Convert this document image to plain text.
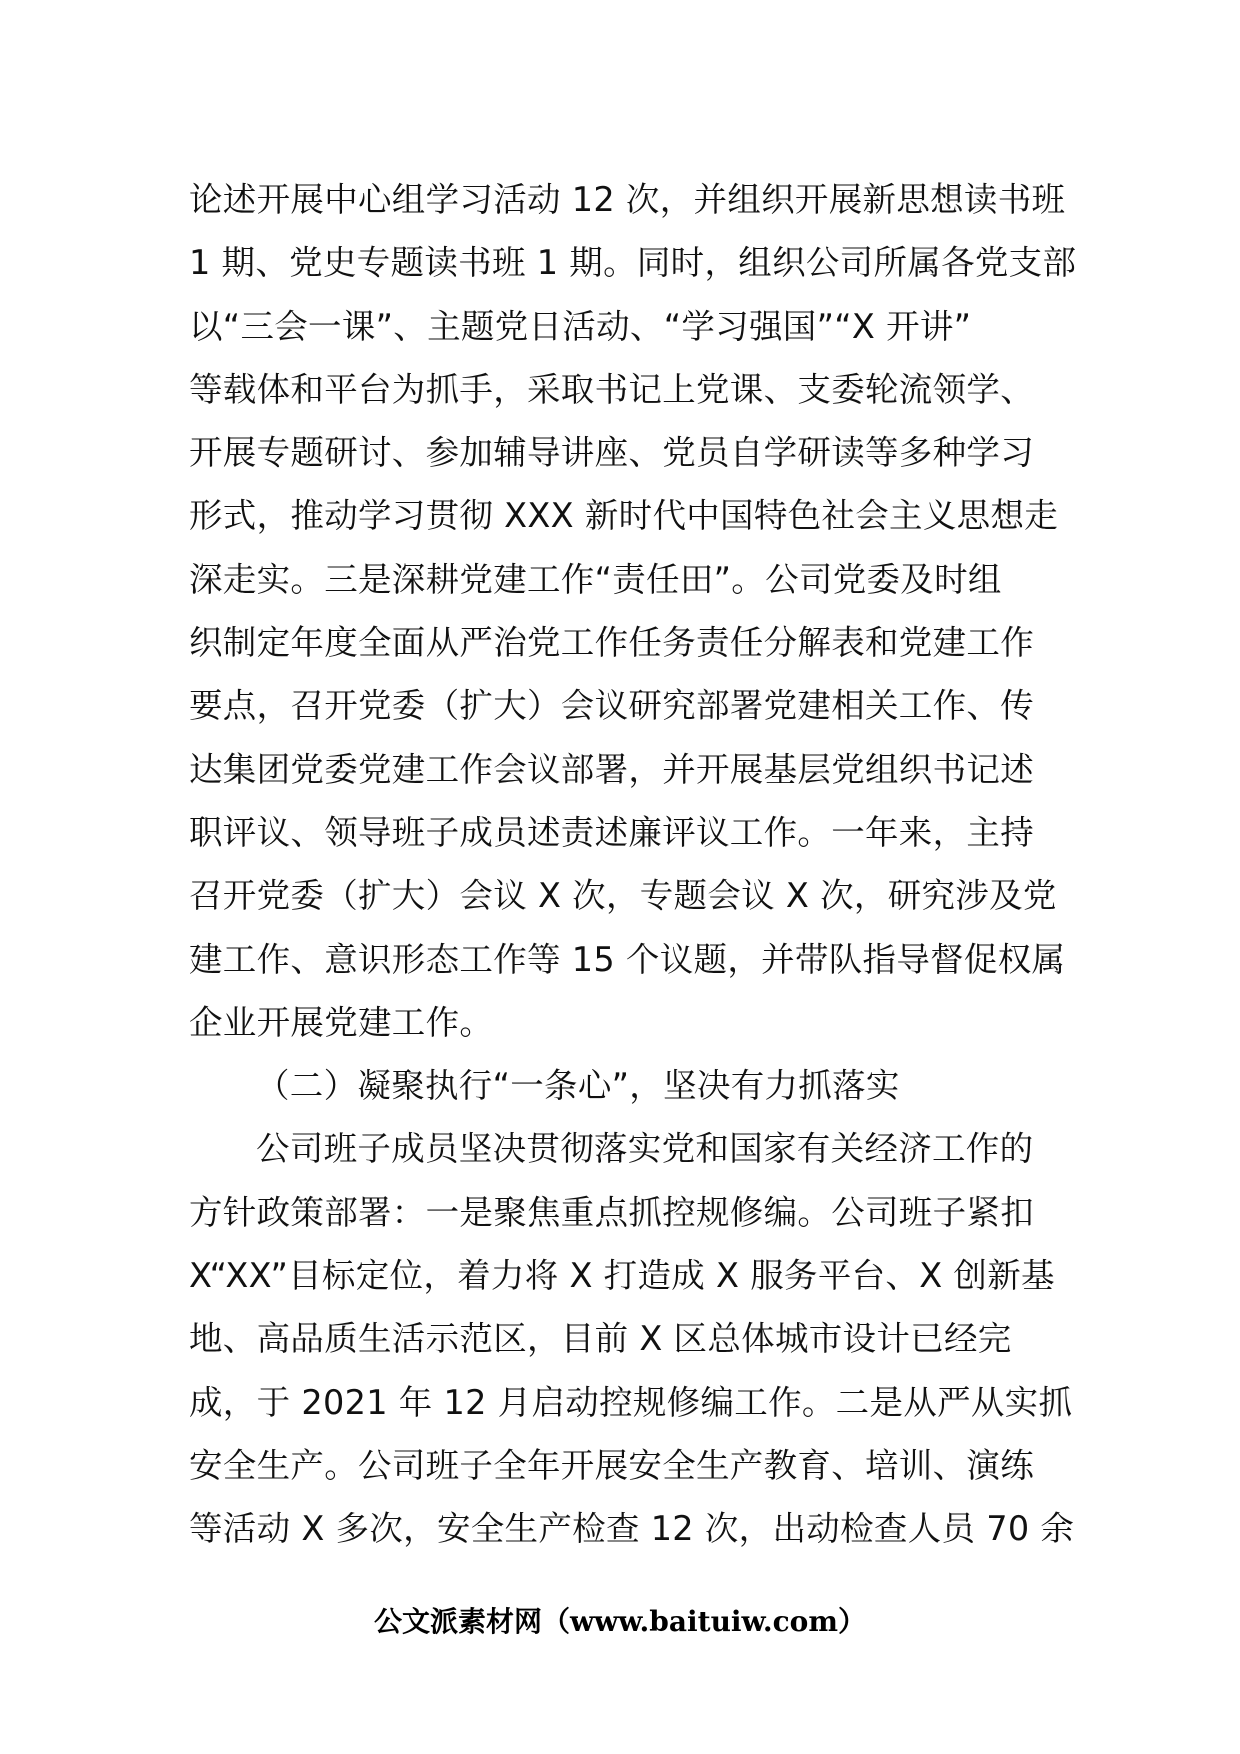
论述开展中心组学习活动 12 次，并组织开展新思想读书班
1 期、党史专题读书班 1 期。同时，组织公司所属各党支部
以“三会一课”、主题党日活动、“学习强国”“X 开讲”
等载体和平台为抓手，采取书记上党课、支委轮流领学、
开展专题研讨、参加辅导讲座、党员自学研读等多种学习
形式，推动学习贯彻 XXX 新时代中国特色社会主义思想走
深走实。三是深耕党建工作“责任田”。公司党委及时组
织制定年度全面从严治党工作任务责任分解表和党建工作
要点，召开党委（扩大）会议研究部署党建相关工作、传
达集团党委党建工作会议部署，并开展基层党组织书记述
职评议、领导班子成员述责述廉评议工作。一年来，主持
召开党委（扩大）会议 X 次，专题会议 X 次，研究涉及党
建工作、意识形态工作等 15 个议题，并带队指导督促权属
企业开展党建工作。
（二）凝聚执行“一条心”，坚决有力抓落实
公司班子成员坚决贯彻落实党和国家有关经济工作的
方针政策部署：一是聚焦重点抓控规修编。公司班子紧扣
X“XX”目标定位，着力将 X 打造成 X 服务平台、X 创新基
地、高品质生活示范区，目前 X 区总体城市设计已经完
成，于 2021 年 12 月启动控规修编工作。二是从严从实抓
安全生产。公司班子全年开展安全生产教育、培训、演练
等活动 X 多次，安全生产检查 12 次，出动检查人员 70 余
公文派素材网（www.baituiw.com）
